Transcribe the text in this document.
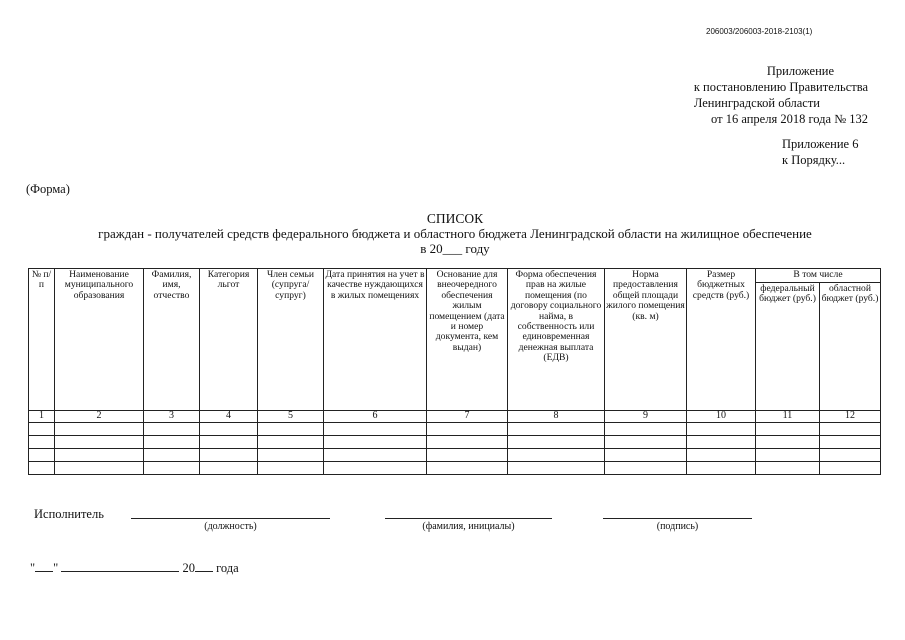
206003/206003-2018-2103(1)
Приложение
к постановлению Правительства
Ленинградской области
от 16 апреля 2018 года № 132
Приложение 6
к Порядку...
(Форма)
СПИСОК
граждан - получателей средств федерального бюджета и областного бюджета Ленинградской области на жилищное обеспечение
в 20___ году
№ п/п	Наименование муниципального образования	Фамилия, имя, отчество	Категория льгот	Член семьи (супруга/ супруг)	Дата принятия на учет в качестве нуждающихся в жилых помещениях	Основание для внеочередного обеспечения жилым помещением (дата и номер документа, кем выдан)	Форма обеспечения прав на жилые помещения (по договору социального найма, в собственность или единовременная денежная выплата (ЕДВ)	Норма предоставления общей площади жилого помещения (кв. м)	Размер бюджетных средств (руб.)	В том числе	
										федеральный бюджет (руб.)	областной бюджет (руб.)
1	2	3	4	5	6	7	8	9	10	11	12

Исполнитель
(должность)	(фамилия, инициалы)	(подпись)
" "	20 года
